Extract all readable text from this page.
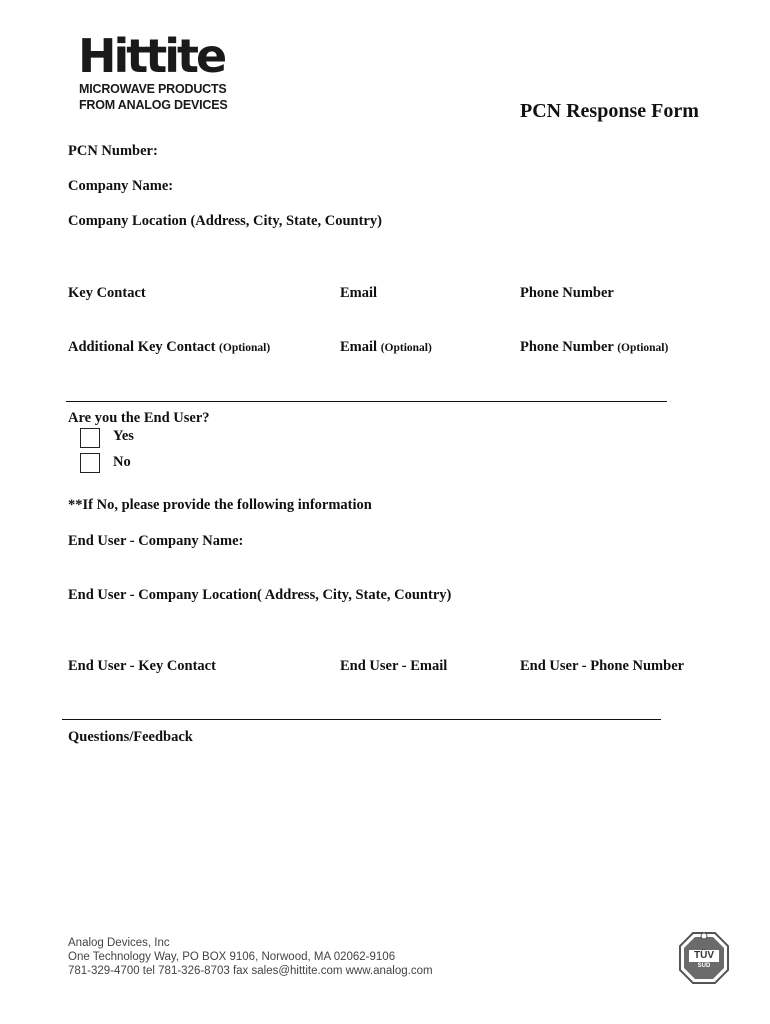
Hittite
MICROWAVE PRODUCTS
FROM ANALOG DEVICES	PCN Response Form
PCN Number:
Company Name:
Company Location (Address, City, State, Country)
Key Contact	Email	Phone Number
Additional Key Contact (Optional)	Email (Optional)	Phone Number (Optional)
Are you the End User?
Yes
No
**If No, please provide the following information
End User - Company Name:
End User - Company Location( Address, City, State, Country)
End User - Key Contact	End User - Email	End User - Phone Number
Questions/Feedback
Analog Devices, Inc
One Technology Way, PO BOX 9106, Norwood, MA 02062-9106
781-329-4700 tel 781-326-8703 fax sales@hittite.com www.analog.com
TÜV
SÜD
